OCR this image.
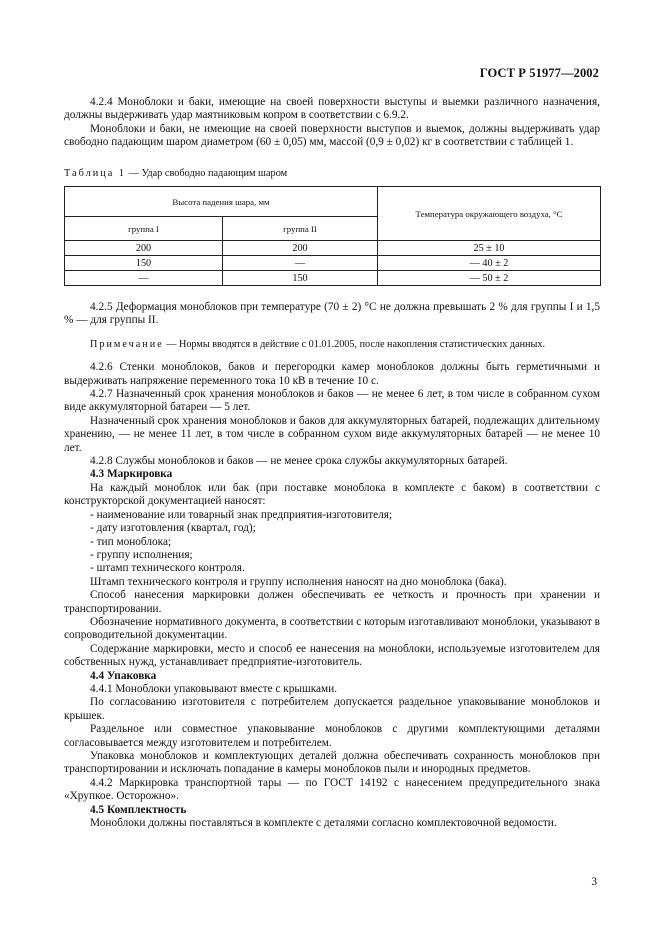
ГОСТ Р 51977—2002

4.2.4 Моноблоки и баки, имеющие на своей поверхности выступы и выемки различного назначения, должны выдерживать удар маятниковым копром в соответствии с 6.9.2.

Моноблоки и баки, не имеющие на своей поверхности выступов и выемок, должны выдерживать удар свободно падающим шаром диаметром (60 ± 0,05) мм, массой (0,9 ± 0,02) кг в соответствии с таблицей 1.

Таблица 1 — Удар свободно падающим шаром
Высота падения шара, мм		Температура окружающего воздуха, °С
группа I	группа II	
200	200	25 ± 10
150	—	— 40 ± 2
—	150	— 50 ± 2

4.2.5 Деформация моноблоков при температуре (70 ± 2) °С не должна превышать 2 % для группы I и 1,5 % — для группы II.

Примечание — Нормы вводятся в действие с 01.01.2005, после накопления статистических данных.

4.2.6 Стенки моноблоков, баков и перегородки камер моноблоков должны быть герметичными и выдерживать напряжение переменного тока 10 кВ в течение 10 с.

4.2.7 Назначенный срок хранения моноблоков и баков — не менее 6 лет, в том числе в собранном сухом виде аккумуляторной батареи — 5 лет.

Назначенный срок хранения моноблоков и баков для аккумуляторных батарей, подлежащих длительному хранению, — не менее 11 лет, в том числе в собранном сухом виде аккумуляторных батарей — не менее 10 лет.

4.2.8 Службы моноблоков и баков — не менее срока службы аккумуляторных батарей.

4.3 Маркировка

На каждый моноблок или бак (при поставке моноблока в комплекте с баком) в соответствии с конструкторской документацией наносят:

- наименование или товарный знак предприятия-изготовителя;
- дату изготовления (квартал, год);
- тип моноблока;
- группу исполнения;
- штамп технического контроля.

Штамп технического контроля и группу исполнения наносят на дно моноблока (бака).

Способ нанесения маркировки должен обеспечивать ее четкость и прочность при хранении и транспортировании.

Обозначение нормативного документа, в соответствии с которым изготавливают моноблоки, указывают в сопроводительной документации.

Содержание маркировки, место и способ ее нанесения на моноблоки, используемые изготовителем для собственных нужд, устанавливает предприятие-изготовитель.

4.4 Упаковка

4.4.1 Моноблоки упаковывают вместе с крышками.

По согласованию изготовителя с потребителем допускается раздельное упаковывание моноблоков и крышек.

Раздельное или совместное упаковывание моноблоков с другими комплектующими деталями согласовывается между изготовителем и потребителем.

Упаковка моноблоков и комплектующих деталей должна обеспечивать сохранность моноблоков при транспортировании и исключать попадание в камеры моноблоков пыли и инородных предметов.

4.4.2 Маркировка транспортной тары — по ГОСТ 14192 с нанесением предупредительного знака «Хрупкое. Осторожно».

4.5 Комплектность

Моноблоки должны поставляться в комплекте с деталями согласно комплектовочной ведомости.

3
